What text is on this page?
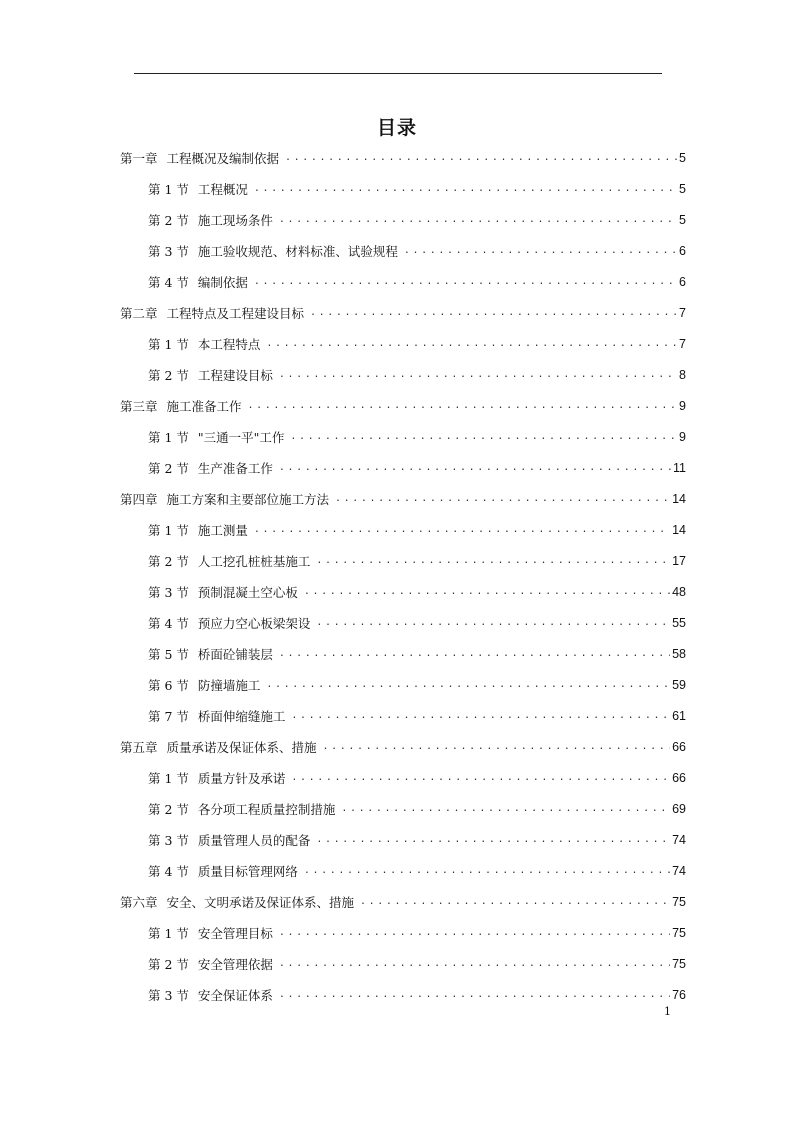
目录
第一章 工程概况及编制依据 .....	5
第 1 节 工程概况 .....	5
第 2 节 施工现场条件 .....	5
第 3 节 施工验收规范、材料标准、试验规程 .....	6
第 4 节 编制依据 .....	6
第二章 工程特点及工程建设目标 .....	7
第 1 节 本工程特点 .....	7
第 2 节 工程建设目标 .....	8
第三章 施工准备工作 .....	9
第 1 节 "三通一平"工作 .....	9
第 2 节 生产准备工作 .....	11
第四章 施工方案和主要部位施工方法 .....	14
第 1 节 施工测量 .....	14
第 2 节 人工挖孔桩桩基施工 .....	17
第 3 节 预制混凝土空心板 .....	48
第 4 节 预应力空心板梁架设 .....	55
第 5 节 桥面砼铺装层 .....	58
第 6 节 防撞墙施工 .....	59
第 7 节 桥面伸缩缝施工 .....	61
第五章 质量承诺及保证体系、措施 .....	66
第 1 节 质量方针及承诺 .....	66
第 2 节 各分项工程质量控制措施 .....	69
第 3 节 质量管理人员的配备 .....	74
第 4 节 质量目标管理网络 .....	74
第六章 安全、文明承诺及保证体系、措施 .....	75
第 1 节 安全管理目标 .....	75
第 2 节 安全管理依据 .....	75
第 3 节 安全保证体系 .....	76
1
